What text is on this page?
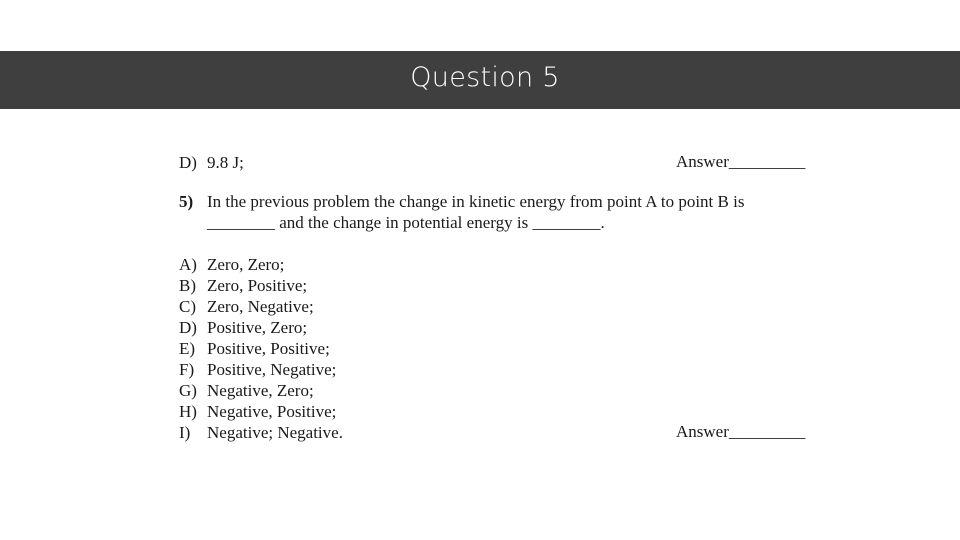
Question 5
D) 9.8 J;	Answer_________
5) In the previous problem the change in kinetic energy from point A to point B is
________ and the change in potential energy is ________.
A) Zero, Zero;
B) Zero, Positive;
C) Zero, Negative;
D) Positive, Zero;
E) Positive, Positive;
F) Positive, Negative;
G) Negative, Zero;
H) Negative, Positive;
I) Negative; Negative.	Answer_________
